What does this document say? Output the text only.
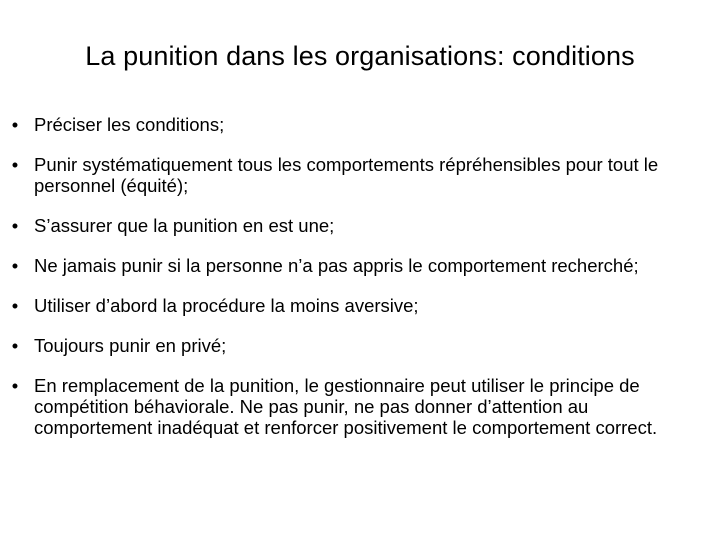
La punition dans les organisations: conditions
• Préciser les conditions;
• Punir systématiquement tous les comportements répréhensibles pour tout le personnel (équité);
• S’assurer que la punition en est une;
• Ne jamais punir si la personne n’a pas appris le comportement recherché;
• Utiliser d’abord la procédure la moins aversive;
• Toujours punir en privé;
• En remplacement de la punition, le gestionnaire peut utiliser le principe de compétition béhaviorale. Ne pas punir, ne pas donner d’attention au comportement inadéquat et renforcer positivement le comportement correct.
